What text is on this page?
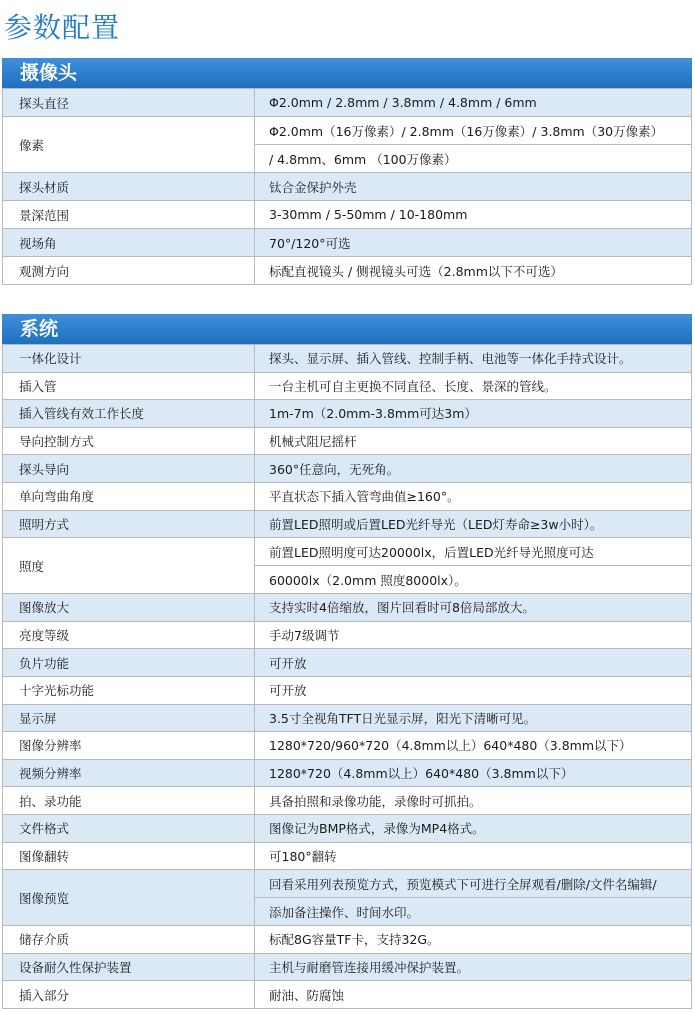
参数配置
摄像头
探头直径	Φ2.0mm / 2.8mm / 3.8mm / 4.8mm / 6mm
像素	Φ2.0mm（16万像素）/ 2.8mm（16万像素）/ 3.8mm（30万像素）
	/ 4.8mm、6mm （100万像素）
探头材质	钛合金保护外壳
景深范围	3-30mm / 5-50mm / 10-180mm
视场角	70°/120°可选
观测方向	标配直视镜头 / 侧视镜头可选（2.8mm以下不可选）
系统
一体化设计	探头、显示屏、插入管线、控制手柄、电池等一体化手持式设计。
插入管	一台主机可自主更换不同直径、长度、景深的管线。
插入管线有效工作长度	1m-7m（2.0mm-3.8mm可达3m）
导向控制方式	机械式阻尼摇杆
探头导向	360°任意向，无死角。
单向弯曲角度	平直状态下插入管弯曲值≥160°。
照明方式	前置LED照明或后置LED光纤导光（LED灯寿命≥3w小时）。
照度	前置LED照明度可达20000lx，后置LED光纤导光照度可达
	60000lx（2.0mm 照度8000lx）。
图像放大	支持实时4倍缩放，图片回看时可8倍局部放大。
亮度等级	手动7级调节
负片功能	可开放
十字光标功能	可开放
显示屏	3.5寸全视角TFT日光显示屏，阳光下清晰可见。
图像分辨率	1280*720/960*720（4.8mm以上）640*480（3.8mm以下）
视频分辨率	1280*720（4.8mm以上）640*480（3.8mm以下）
拍、录功能	具备拍照和录像功能，录像时可抓拍。
文件格式	图像记为BMP格式，录像为MP4格式。
图像翻转	可180°翻转
图像预览	回看采用列表预览方式，预览模式下可进行全屏观看/删除/文件名编辑/
	添加备注操作、时间水印。
储存介质	标配8G容量TF卡，支持32G。
设备耐久性保护装置	主机与耐磨管连接用缓冲保护装置。
插入部分	耐油、防腐蚀
